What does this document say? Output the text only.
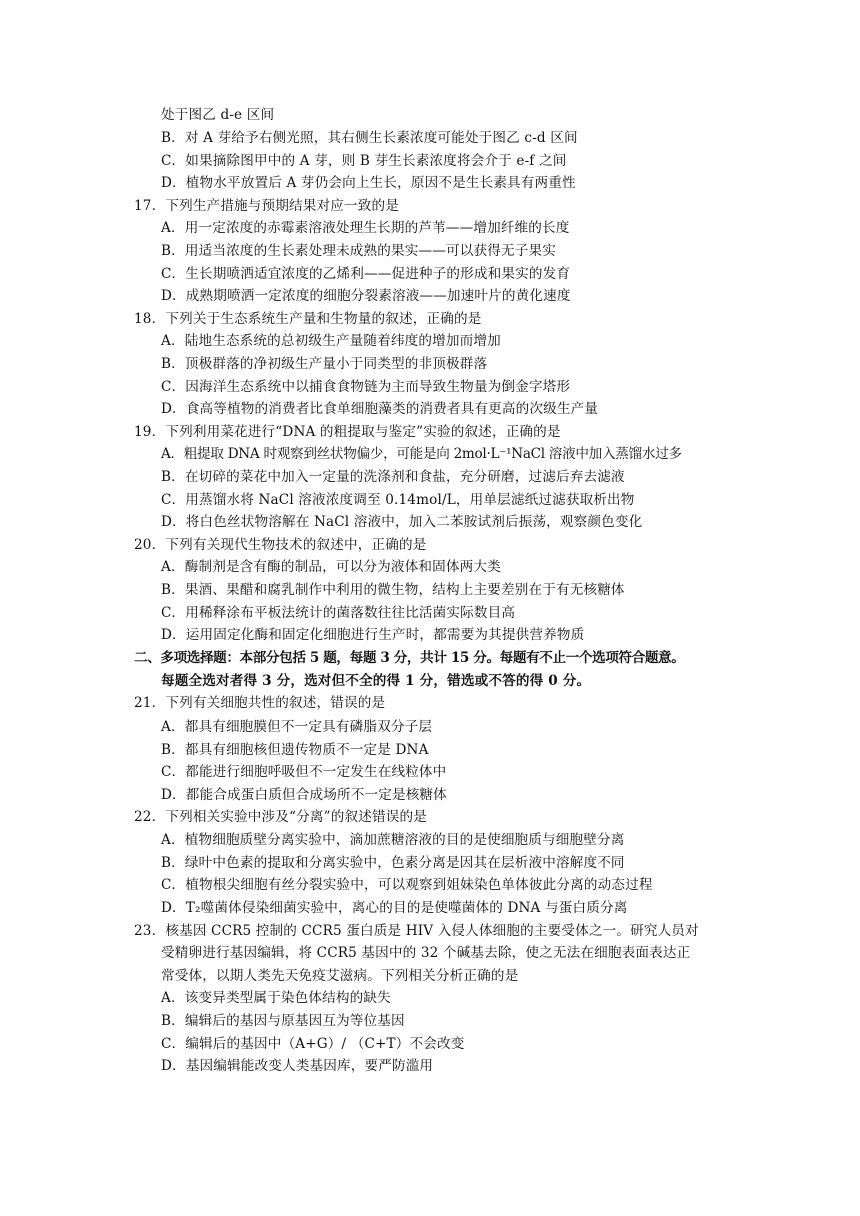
处于图乙 d-e 区间
B．对 A 芽给予右侧光照，其右侧生长素浓度可能处于图乙 c-d 区间
C．如果摘除图甲中的 A 芽，则 B 芽生长素浓度将会介于 e-f 之间
D．植物水平放置后 A 芽仍会向上生长，原因不是生长素具有两重性
17．下列生产措施与预期结果对应一致的是
A．用一定浓度的赤霉素溶液处理生长期的芦苇——增加纤维的长度
B．用适当浓度的生长素处理未成熟的果实——可以获得无子果实
C．生长期喷洒适宜浓度的乙烯利——促进种子的形成和果实的发育
D．成熟期喷洒一定浓度的细胞分裂素溶液——加速叶片的黄化速度
18．下列关于生态系统生产量和生物量的叙述，正确的是
A．陆地生态系统的总初级生产量随着纬度的增加而增加
B．顶极群落的净初级生产量小于同类型的非顶极群落
C．因海洋生态系统中以捕食食物链为主而导致生物量为倒金字塔形
D．食高等植物的消费者比食单细胞藻类的消费者具有更高的次级生产量
19．下列利用菜花进行“DNA 的粗提取与鉴定”实验的叙述，正确的是
A．粗提取 DNA 时观察到丝状物偏少，可能是向 2mol·L⁻¹NaCl 溶液中加入蒸馏水过多
B．在切碎的菜花中加入一定量的洗涤剂和食盐，充分研磨，过滤后弃去滤液
C．用蒸馏水将 NaCl 溶液浓度调至 0.14mol/L，用单层滤纸过滤获取析出物
D．将白色丝状物溶解在 NaCl 溶液中，加入二苯胺试剂后振荡，观察颜色变化
20．下列有关现代生物技术的叙述中，正确的是
A．酶制剂是含有酶的制品，可以分为液体和固体两大类
B．果酒、果醋和腐乳制作中利用的微生物，结构上主要差别在于有无核糖体
C．用稀释涂布平板法统计的菌落数往往比活菌实际数目高
D．运用固定化酶和固定化细胞进行生产时，都需要为其提供营养物质
二、多项选择题：本部分包括 5 题，每题 3 分，共计 15 分。每题有不止一个选项符合题意。
每题全选对者得 3 分，选对但不全的得 1 分，错选或不答的得 0 分。
21．下列有关细胞共性的叙述，错误的是
A．都具有细胞膜但不一定具有磷脂双分子层
B．都具有细胞核但遗传物质不一定是 DNA
C．都能进行细胞呼吸但不一定发生在线粒体中
D．都能合成蛋白质但合成场所不一定是核糖体
22．下列相关实验中涉及“分离”的叙述错误的是
A．植物细胞质壁分离实验中，滴加蔗糖溶液的目的是使细胞质与细胞壁分离
B．绿叶中色素的提取和分离实验中，色素分离是因其在层析液中溶解度不同
C．植物根尖细胞有丝分裂实验中，可以观察到姐妹染色单体彼此分离的动态过程
D．T₂噬菌体侵染细菌实验中，离心的目的是使噬菌体的 DNA 与蛋白质分离
23．核基因 CCR5 控制的 CCR5 蛋白质是 HIV 入侵人体细胞的主要受体之一。研究人员对
受精卵进行基因编辑，将 CCR5 基因中的 32 个碱基去除，使之无法在细胞表面表达正
常受体，以期人类先天免疫艾滋病。下列相关分析正确的是
A．该变异类型属于染色体结构的缺失
B．编辑后的基因与原基因互为等位基因
C．编辑后的基因中（A+G）/ （C+T）不会改变
D．基因编辑能改变人类基因库，要严防滥用
